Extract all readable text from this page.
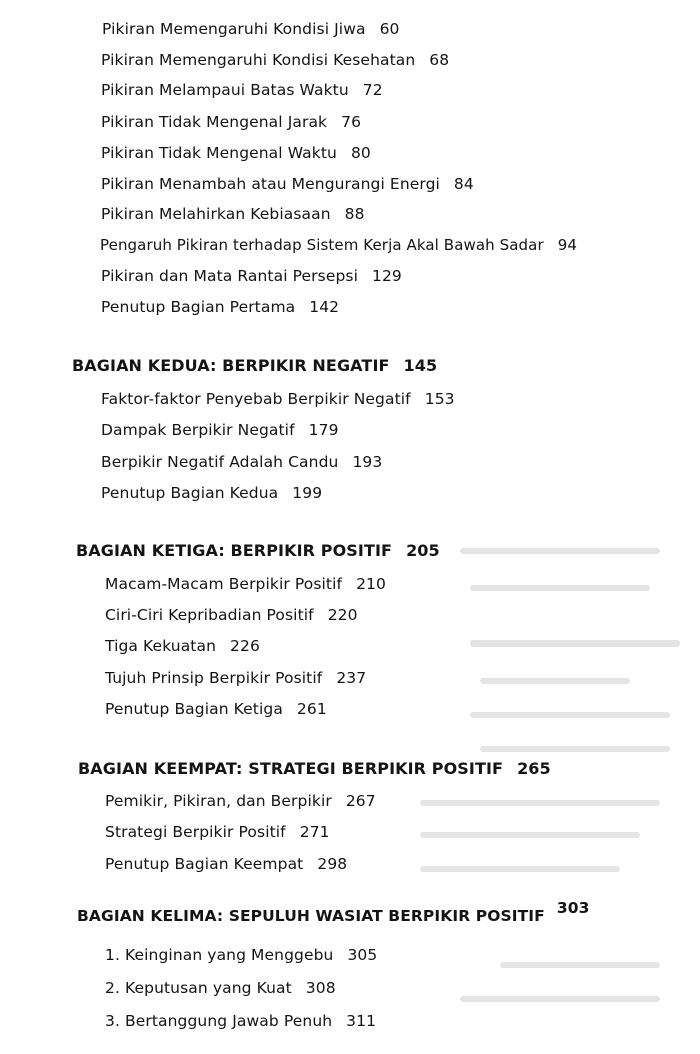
Pikiran Memengaruhi Kondisi Jiwa 60
Pikiran Memengaruhi Kondisi Kesehatan 68
Pikiran Melampaui Batas Waktu 72
Pikiran Tidak Mengenal Jarak 76
Pikiran Tidak Mengenal Waktu 80
Pikiran Menambah atau Mengurangi Energi 84
Pikiran Melahirkan Kebiasaan 88
Pengaruh Pikiran terhadap Sistem Kerja Akal Bawah Sadar 94
Pikiran dan Mata Rantai Persepsi 129
Penutup Bagian Pertama 142
BAGIAN KEDUA: BERPIKIR NEGATIF 145
Faktor-faktor Penyebab Berpikir Negatif 153
Dampak Berpikir Negatif 179
Berpikir Negatif Adalah Candu 193
Penutup Bagian Kedua 199
BAGIAN KETIGA: BERPIKIR POSITIF 205
Macam-Macam Berpikir Positif 210
Ciri-Ciri Kepribadian Positif 220
Tiga Kekuatan 226
Tujuh Prinsip Berpikir Positif 237
Penutup Bagian Ketiga 261
BAGIAN KEEMPAT: STRATEGI BERPIKIR POSITIF 265
Pemikir, Pikiran, dan Berpikir 267
Strategi Berpikir Positif 271
Penutup Bagian Keempat 298
BAGIAN KELIMA: SEPULUH WASIAT BERPIKIR POSITIF 303
1. Keinginan yang Menggebu 305
2. Keputusan yang Kuat 308
3. Bertanggung Jawab Penuh 311
